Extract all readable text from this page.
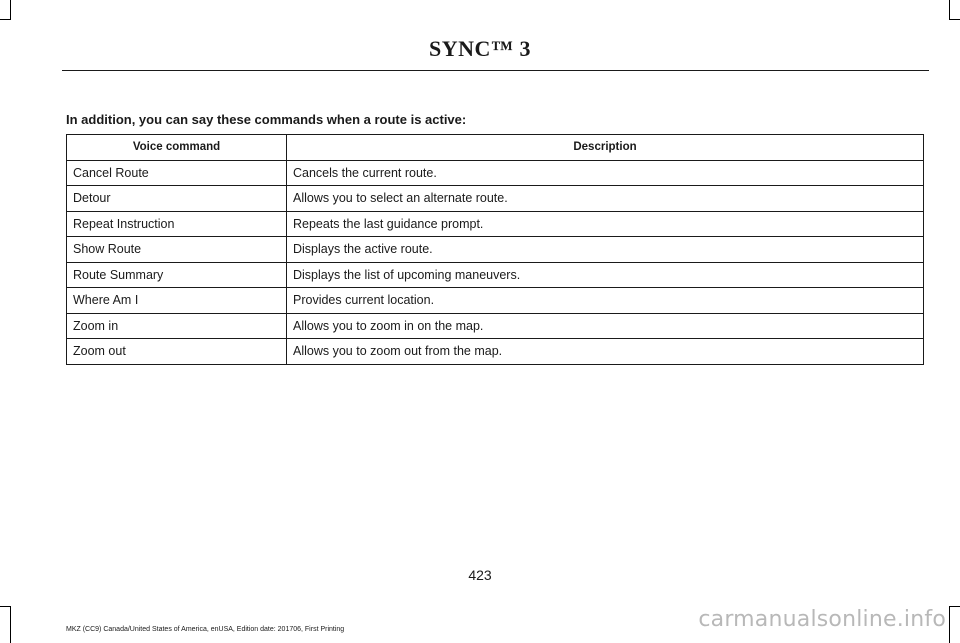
SYNC™ 3
In addition, you can say these commands when a route is active:
Voice command	Description
Cancel Route	Cancels the current route.
Detour	Allows you to select an alternate route.
Repeat Instruction	Repeats the last guidance prompt.
Show Route	Displays the active route.
Route Summary	Displays the list of upcoming maneuvers.
Where Am I	Provides current location.
Zoom in	Allows you to zoom in on the map.
Zoom out	Allows you to zoom out from the map.
423
MKZ (CC9) Canada/United States of America, enUSA, Edition date: 201706, First Printing	carmanualsonline.info
